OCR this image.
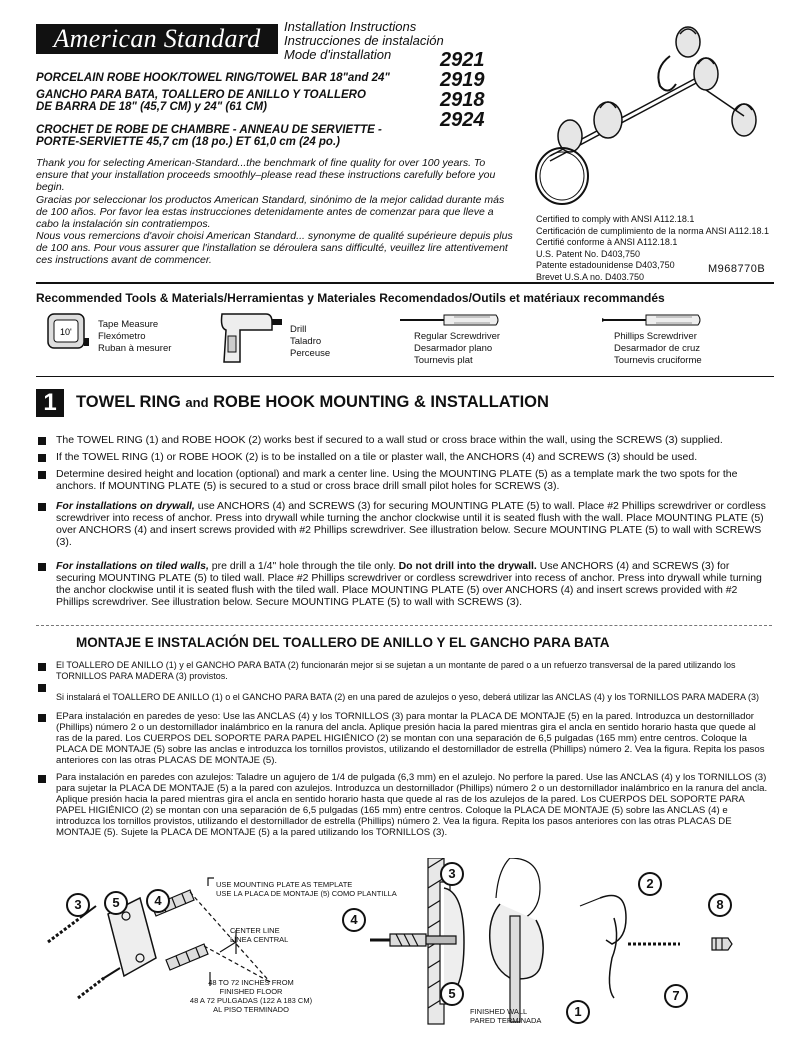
American Standard	Installation Instructions
Instrucciones de instalación
Mode d'installation	2921
2919
2918
2924
PORCELAIN ROBE HOOK/TOWEL RING/TOWEL BAR 18"and 24"
GANCHO PARA BATA, TOALLERO DE ANILLO Y TOALLERO
DE BARRA DE 18" (45,7 CM) y 24" (61 CM)
CROCHET DE ROBE DE CHAMBRE - ANNEAU DE SERVIETTE -
PORTE-SERVIETTE 45,7 cm (18 po.) ET 61,0 cm (24 po.)
Thank you for selecting American-Standard...the benchmark of fine quality for over 100 years. To ensure that your installation proceeds smoothly–please read these instructions carefully before you begin.
Gracias por seleccionar los productos American Standard, sinónimo de la mejor calidad durante más de 100 años. Por favor lea estas instrucciones detenidamente antes de comenzar para que lleve a cabo la instalación sin contratiempos.
Nous vous remercions d'avoir choisi American Standard... synonyme de qualité supérieure depuis plus de 100 ans. Pour vous assurer que l'installation se déroulera sans difficulté, veuillez lire attentivement ces instructions avant de commencer.
Certified to comply with ANSI A112.18.1
Certificación de cumplimiento de la norma ANSI A112.18.1
Certifié conforme à ANSI A112.18.1
U.S. Patent No. D403,750
Patente estadounidense D403,750
Brevet U.S.A no. D403.750
M968770B
Recommended Tools & Materials/Herramientas y Materiales Recomendados/Outils et matériaux recommandés
10'
Tape Measure
Flexómetro
Ruban à mesurer
Drill
Taladro
Perceuse
Regular Screwdriver
Desarmador plano
Tournevis plat
Phillips Screwdriver
Desarmador de cruz
Tournevis cruciforme
1	TOWEL RING and ROBE HOOK MOUNTING & INSTALLATION
The TOWEL RING (1) and ROBE HOOK (2) works best if secured to a wall stud or cross brace within the wall, using the SCREWS (3) supplied.
If the TOWEL RING (1) or ROBE HOOK (2) is to be installed on a tile or plaster wall, the ANCHORS (4) and SCREWS (3) should be used.
Determine desired height and location (optional) and mark a center line. Using the MOUNTING PLATE (5) as a template mark the two spots for the anchors. If MOUNTING PLATE (5) is secured to a stud or cross brace drill small pilot holes for SCREWS (3).
For installations on drywall, use ANCHORS (4) and SCREWS (3) for securing MOUNTING PLATE (5) to wall. Place #2 Phillips screwdriver or cordless screwdriver into recess of anchor. Press into drywall while turning the anchor clockwise until it is seated flush with the wall. Place MOUNTING PLATE (5) over ANCHORS (4) and insert screws provided with #2 Phillips screwdriver. See illustration below. Secure MOUNTING PLATE (5) to wall with SCREWS (3).
For installations on tiled walls, pre drill a 1/4" hole through the tile only. Do not drill into the drywall. Use ANCHORS (4) and SCREWS (3) for securing MOUNTING PLATE (5) to tiled wall. Place #2 Phillips screwdriver or cordless screwdriver into recess of anchor. Press into drywall while turning the anchor clockwise until it is seated flush with the tiled wall. Place MOUNTING PLATE (5) over ANCHORS (4) and insert screws provided with #2 Phillips screwdriver. See illustration below. Secure MOUNTING PLATE (5) to wall with SCREWS (3).
MONTAJE E INSTALACIÓN DEL TOALLERO DE ANILLO Y EL GANCHO PARA BATA
El TOALLERO DE ANILLO (1) y el GANCHO PARA BATA (2) funcionarán mejor si se sujetan a un montante de pared o a un refuerzo transversal de la pared utilizando los TORNILLOS PARA MADERA (3) provistos.
Si instalará el TOALLERO DE ANILLO (1) o el GANCHO PARA BATA (2) en una pared de azulejos o yeso, deberá utilizar las ANCLAS (4) y los TORNILLOS PARA MADERA (3)
EPara instalación en paredes de yeso: Use las ANCLAS (4) y los TORNILLOS (3) para montar la PLACA DE MONTAJE (5) en la pared. Introduzca un destornillador (Phillips) número 2 o un destornillador inalámbrico en la ranura del ancla. Aplique presión hacia la pared mientras gira el ancla en sentido horario hasta que quede al ras de la pared. Los CUERPOS DEL SOPORTE PARA PAPEL HIGIÉNICO (2) se montan con una separación de 6,5 pulgadas (165 mm) entre centros. Coloque la PLACA DE MONTAJE (5) sobre las anclas e introduzca los tornillos provistos, utilizando el destornillador de estrella (Phillips) número 2. Vea la figura. Repita los pasos anteriores con las otras PLACAS DE MONTAJE (5).
Para instalación en paredes con azulejos: Taladre un agujero de 1/4 de pulgada (6,3 mm) en el azulejo. No perfore la pared. Use las ANCLAS (4) y los TORNILLOS (3) para sujetar la PLACA DE MONTAJE (5) a la pared con azulejos. Introduzca un destornillador (Phillips) número 2 o un destornillador inalámbrico en la ranura del ancla. Aplique presión hacia la pared mientras gira el ancla en sentido horario hasta que quede al ras de los azulejos de la pared. Los CUERPOS DEL SOPORTE PARA PAPEL HIGIÉNICO (2) se montan con una separación de 6,5 pulgadas (165 mm) entre centros. Coloque la PLACA DE MONTAJE (5) sobre las ANCLAS (4) e introduzca los tornillos provistos, utilizando el destornillador de estrella (Phillips) número 2. Vea la figura. Repita los pasos anteriores con las otras PLACAS DE MONTAJE (5). Sujete la PLACA DE MONTAJE (5) a la pared utilizando los TORNILLOS (3).
USE MOUNTING PLATE AS TEMPLATE
USE LA PLACA DE MONTAJE (5) COMO PLANTILLA
CENTER LINE
LÍNEA CENTRAL
48 TO 72 INCHES FROM
FINISHED FLOOR
48 A 72 PULGADAS (122 A 183 CM)
AL PISO TERMINADO	FINISHED WALL
PARED TERMINADA
3	5	4
3
4
5
1
2
8
7
